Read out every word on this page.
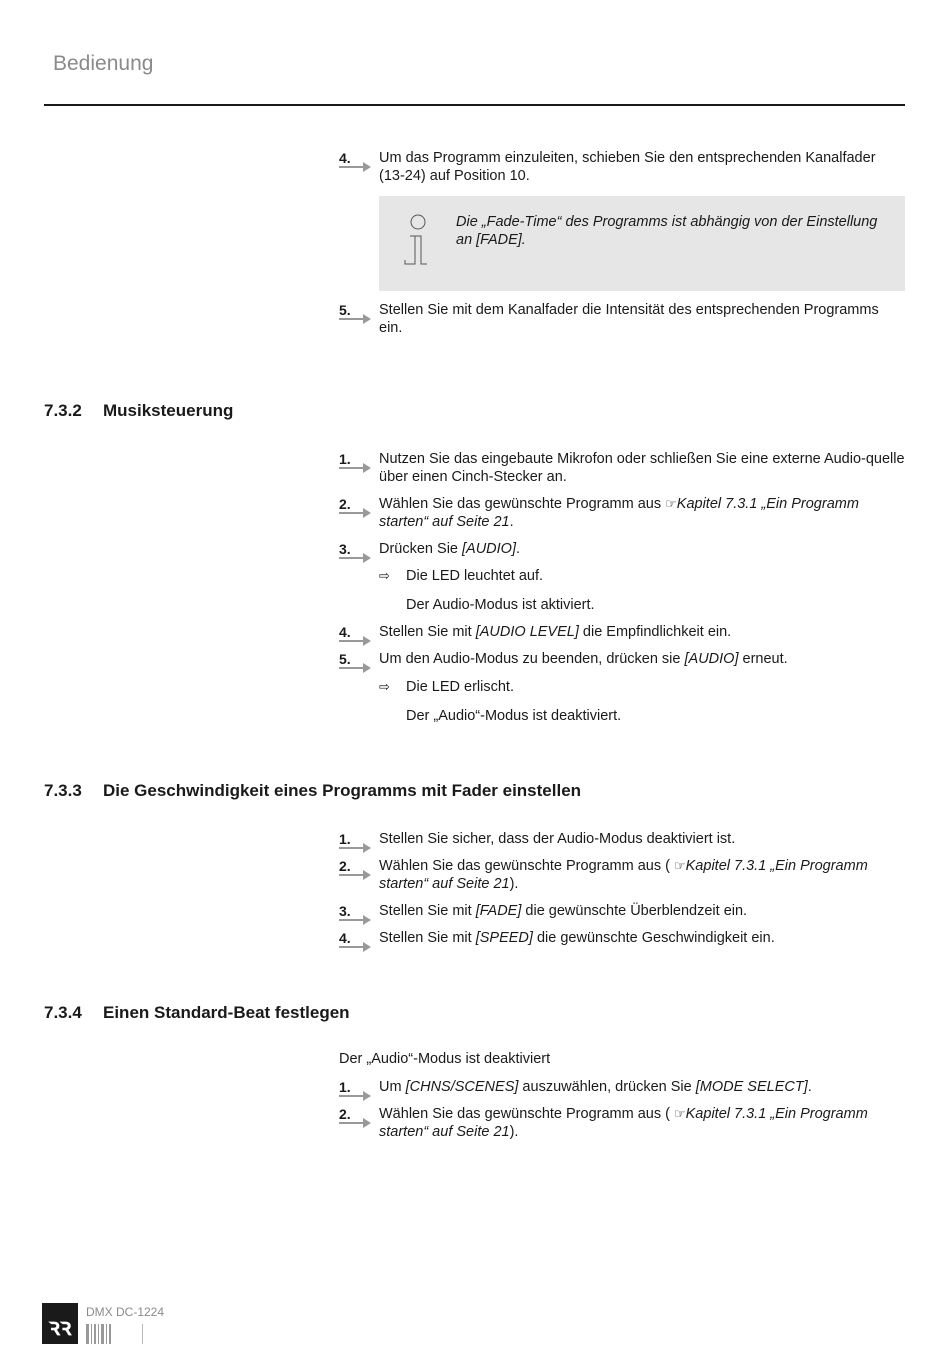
Bedienung

4. Um das Programm einzuleiten, schieben Sie den entsprechenden Kanalfader (13-24) auf Position 10.

Die „Fade-Time“ des Programms ist abhängig von der Einstellung an [FADE].

5. Stellen Sie mit dem Kanalfader die Intensität des entsprechenden Programms ein.

7.3.2 Musiksteuerung

1. Nutzen Sie das eingebaute Mikrofon oder schließen Sie eine externe Audio-quelle über einen Cinch-Stecker an.

2. Wählen Sie das gewünschte Programm aus ☞Kapitel 7.3.1 „Ein Programm starten“ auf Seite 21.

3. Drücken Sie [AUDIO].

⇨ Die LED leuchtet auf.
Der Audio-Modus ist aktiviert.

4. Stellen Sie mit [AUDIO LEVEL] die Empfindlichkeit ein.

5. Um den Audio-Modus zu beenden, drücken sie [AUDIO] erneut.

⇨ Die LED erlischt.
Der „Audio“-Modus ist deaktiviert.
7.3.3 Die Geschwindigkeit eines Programms mit Fader einstellen

1. Stellen Sie sicher, dass der Audio-Modus deaktiviert ist.

2. Wählen Sie das gewünschte Programm aus ( ☞Kapitel 7.3.1 „Ein Programm starten“ auf Seite 21).

3. Stellen Sie mit [FADE] die gewünschte Überblendzeit ein.

4. Stellen Sie mit [SPEED] die gewünschte Geschwindigkeit ein.

7.3.4 Einen Standard-Beat festlegen
Der „Audio“-Modus ist deaktiviert

1. Um [CHNS/SCENES] auszuwählen, drücken Sie [MODE SELECT].

2. Wählen Sie das gewünschte Programm aus ( ☞Kapitel 7.3.1 „Ein Programm starten“ auf Seite 21).

ꝛꝛ	DMX DC-1224
